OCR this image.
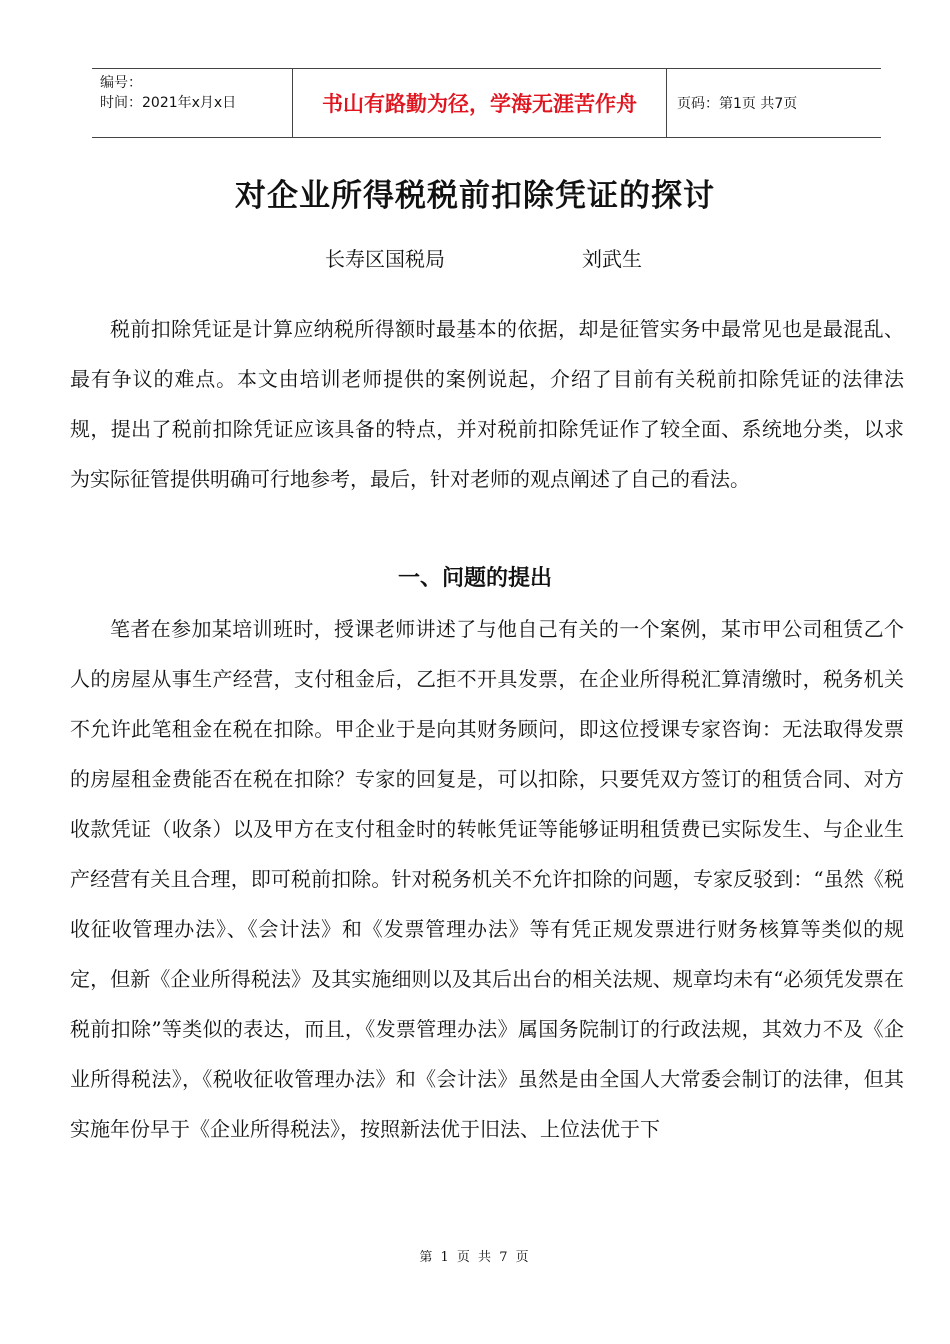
编号：
时间：2021年x月x日	书山有路勤为径，学海无涯苦作舟	页码：第1页 共7页
对企业所得税税前扣除凭证的探讨
长寿区国税局	刘武生

税前扣除凭证是计算应纳税所得额时最基本的依据，却是征管实务中最常见也是最混乱、最有争议的难点。本文由培训老师提供的案例说起，介绍了目前有关税前扣除凭证的法律法规，提出了税前扣除凭证应该具备的特点，并对税前扣除凭证作了较全面、系统地分类，以求为实际征管提供明确可行地参考，最后，针对老师的观点阐述了自己的看法。

一、问题的提出

笔者在参加某培训班时，授课老师讲述了与他自己有关的一个案例，某市甲公司租赁乙个人的房屋从事生产经营，支付租金后，乙拒不开具发票，在企业所得税汇算清缴时，税务机关不允许此笔租金在税在扣除。甲企业于是向其财务顾问，即这位授课专家咨询：无法取得发票的房屋租金费能否在税在扣除？专家的回复是，可以扣除，只要凭双方签订的租赁合同、对方收款凭证（收条）以及甲方在支付租金时的转帐凭证等能够证明租赁费已实际发生、与企业生产经营有关且合理，即可税前扣除。针对税务机关不允许扣除的问题，专家反驳到：“虽然《税收征收管理办法》、《会计法》和《发票管理办法》等有凭正规发票进行财务核算等类似的规定，但新《企业所得税法》及其实施细则以及其后出台的相关法规、规章均未有“必须凭发票在税前扣除”等类似的表达，而且，《发票管理办法》属国务院制订的行政法规，其效力不及《企业所得税法》，《税收征收管理办法》和《会计法》虽然是由全国人大常委会制订的法律，但其实施年份早于《企业所得税法》，按照新法优于旧法、上位法优于下

第 1 页 共 7 页
